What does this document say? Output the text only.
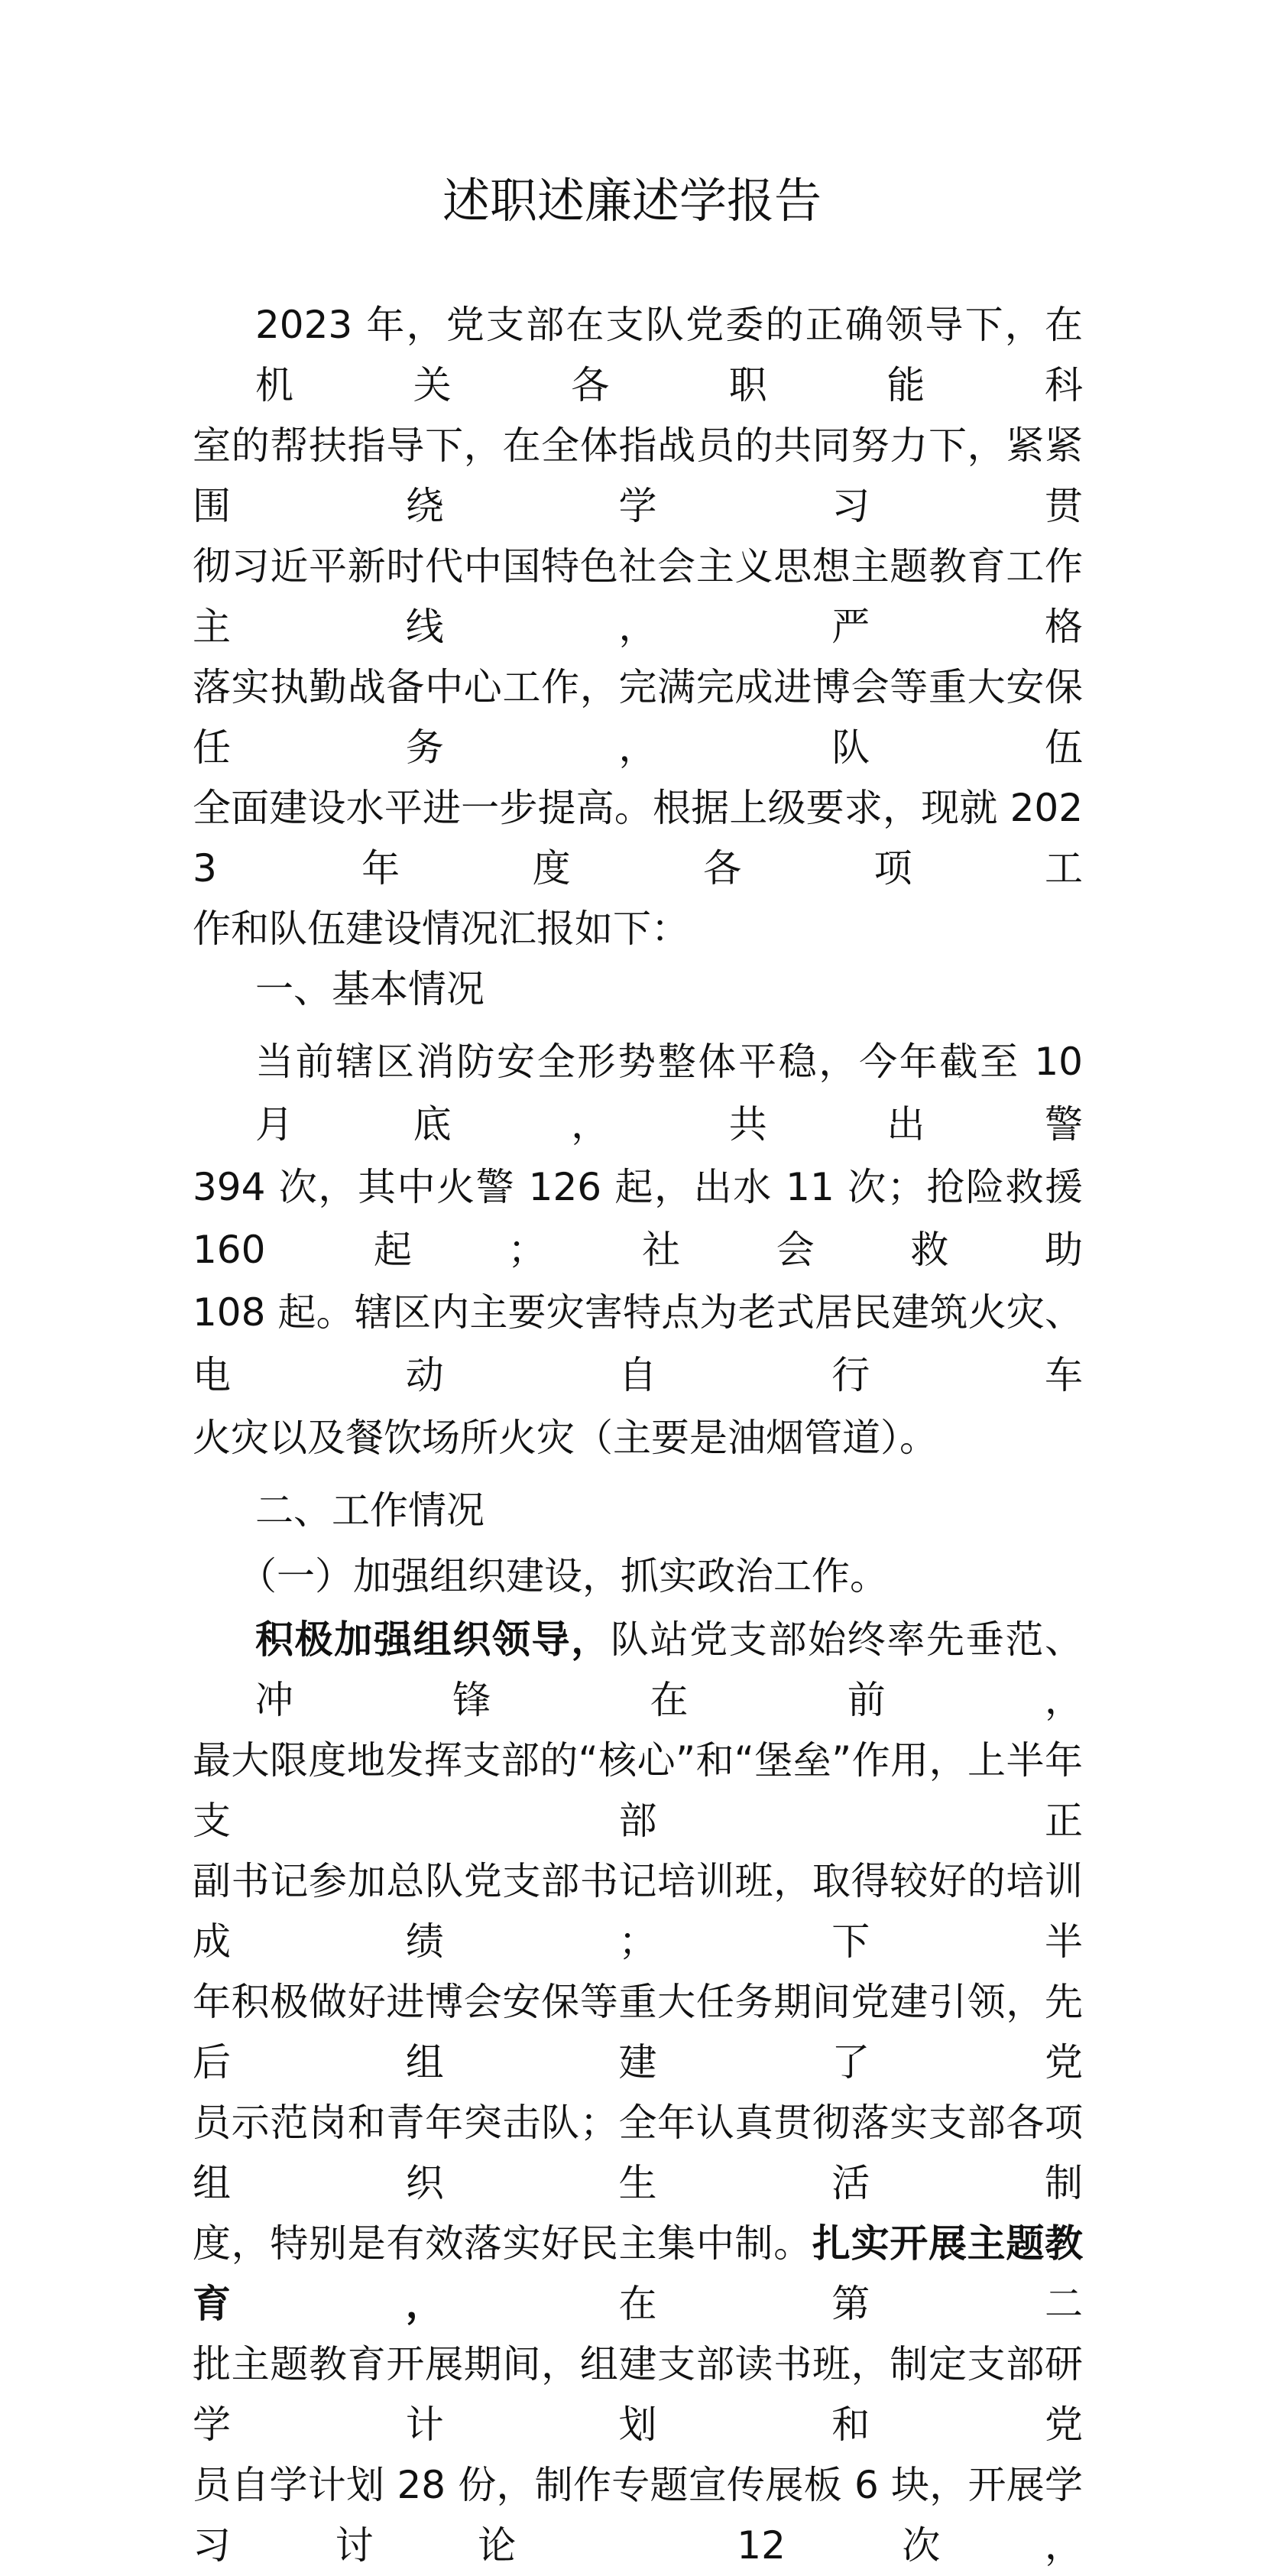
述职述廉述学报告
2023 年，党支部在支队党委的正确领导下，在机关各职能科
室的帮扶指导下，在全体指战员的共同努力下，紧紧围绕学习贯
彻习近平新时代中国特色社会主义思想主题教育工作主线，严格
落实执勤战备中心工作，完满完成进博会等重大安保任务，队伍
全面建设水平进一步提高。根据上级要求，现就 2023 年度各项工
作和队伍建设情况汇报如下：
一、基本情况
当前辖区消防安全形势整体平稳，今年截至 10 月底，共出警
394 次，其中火警 126 起，出水 11 次；抢险救援 160 起；社会救助
108 起。辖区内主要灾害特点为老式居民建筑火灾、电动自行车
火灾以及餐饮场所火灾（主要是油烟管道）。
二、工作情况
（一）加强组织建设，抓实政治工作。
积极加强组织领导，队站党支部始终率先垂范、冲锋在前，
最大限度地发挥支部的“核心”和“堡垒”作用，上半年支部正
副书记参加总队党支部书记培训班，取得较好的培训成绩；下半
年积极做好进博会安保等重大任务期间党建引领，先后组建了党
员示范岗和青年突击队；全年认真贯彻落实支部各项组织生活制
度，特别是有效落实好民主集中制。扎实开展主题教育，在第二
批主题教育开展期间，组建支部读书班，制定支部研学计划和党
员自学计划 28 份，制作专题宣传展板 6 块，开展学习讨论 12 次，
